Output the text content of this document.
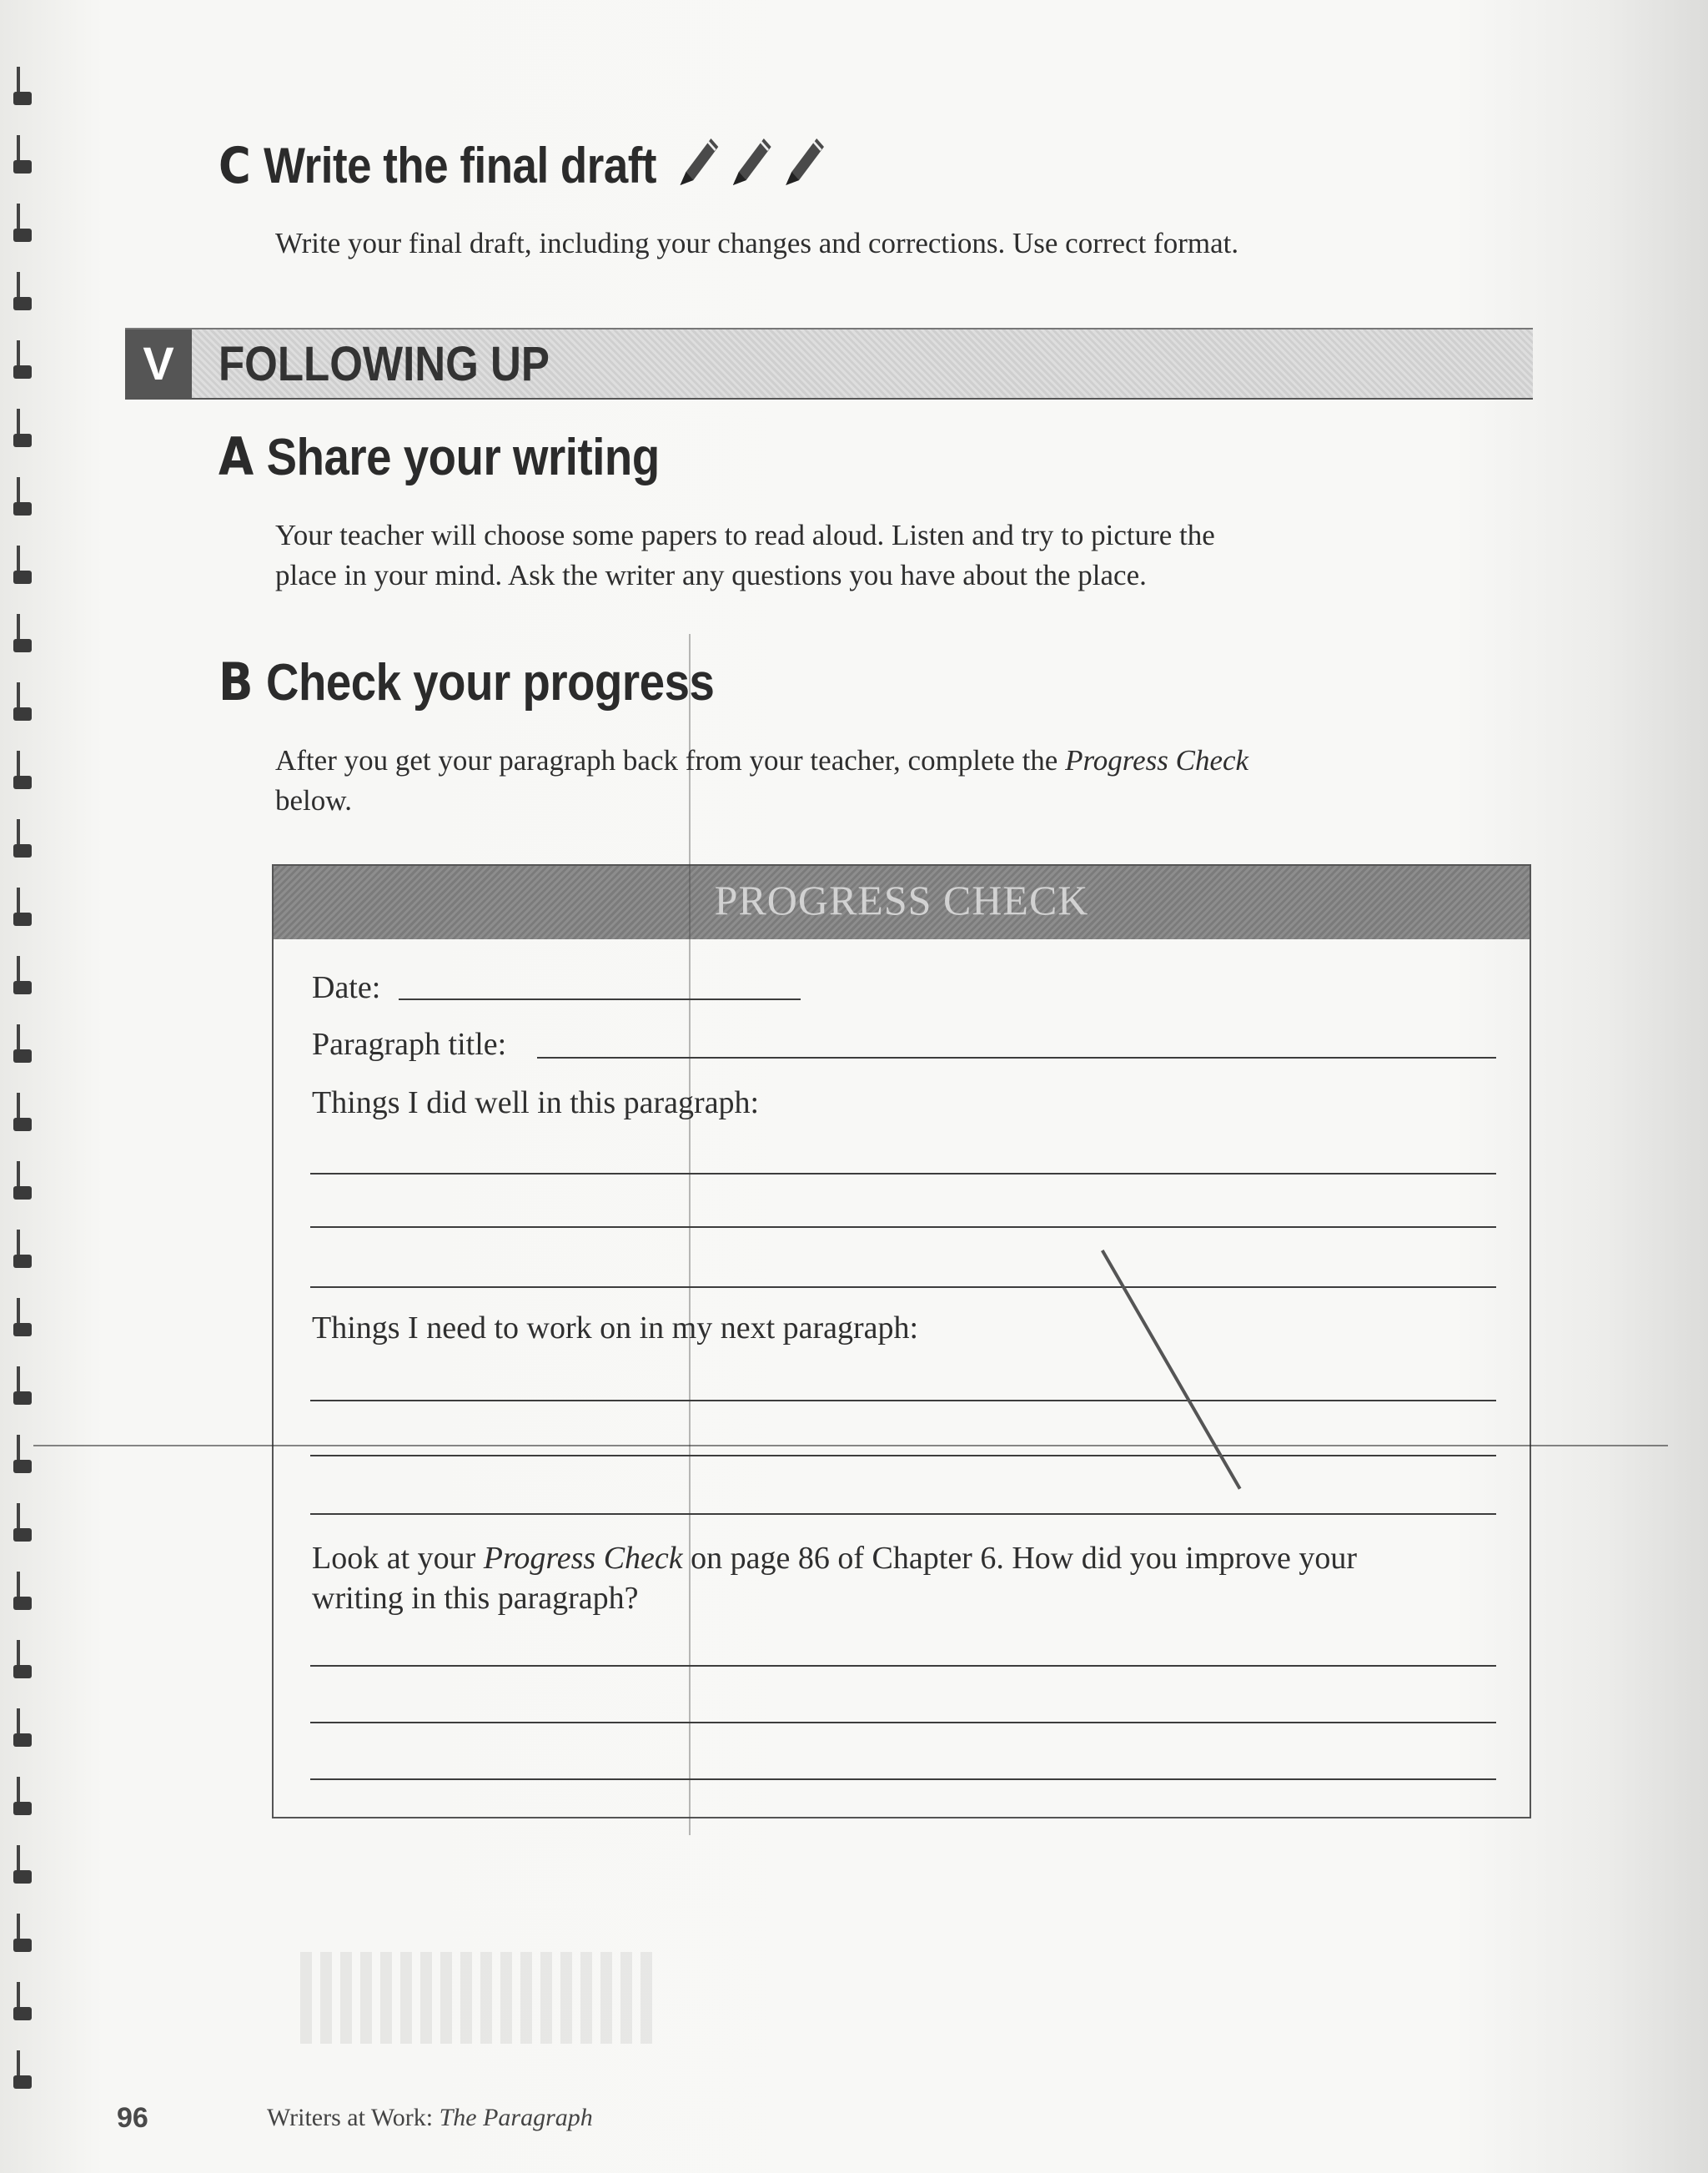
C Write the final draft
Write your final draft, including your changes and corrections. Use correct format.
V FOLLOWING UP
A Share your writing
Your teacher will choose some papers to read aloud. Listen and try to picture the
place in your mind. Ask the writer any questions you have about the place.
B Check your progress
After you get your paragraph back from your teacher, complete the Progress Check
below.
PROGRESS CHECK
Date:
Paragraph title:
Things I did well in this paragraph:
Things I need to work on in my next paragraph:
Look at your Progress Check on page 86 of Chapter 6. How did you improve your
writing in this paragraph?
96	Writers at Work: The Paragraph
